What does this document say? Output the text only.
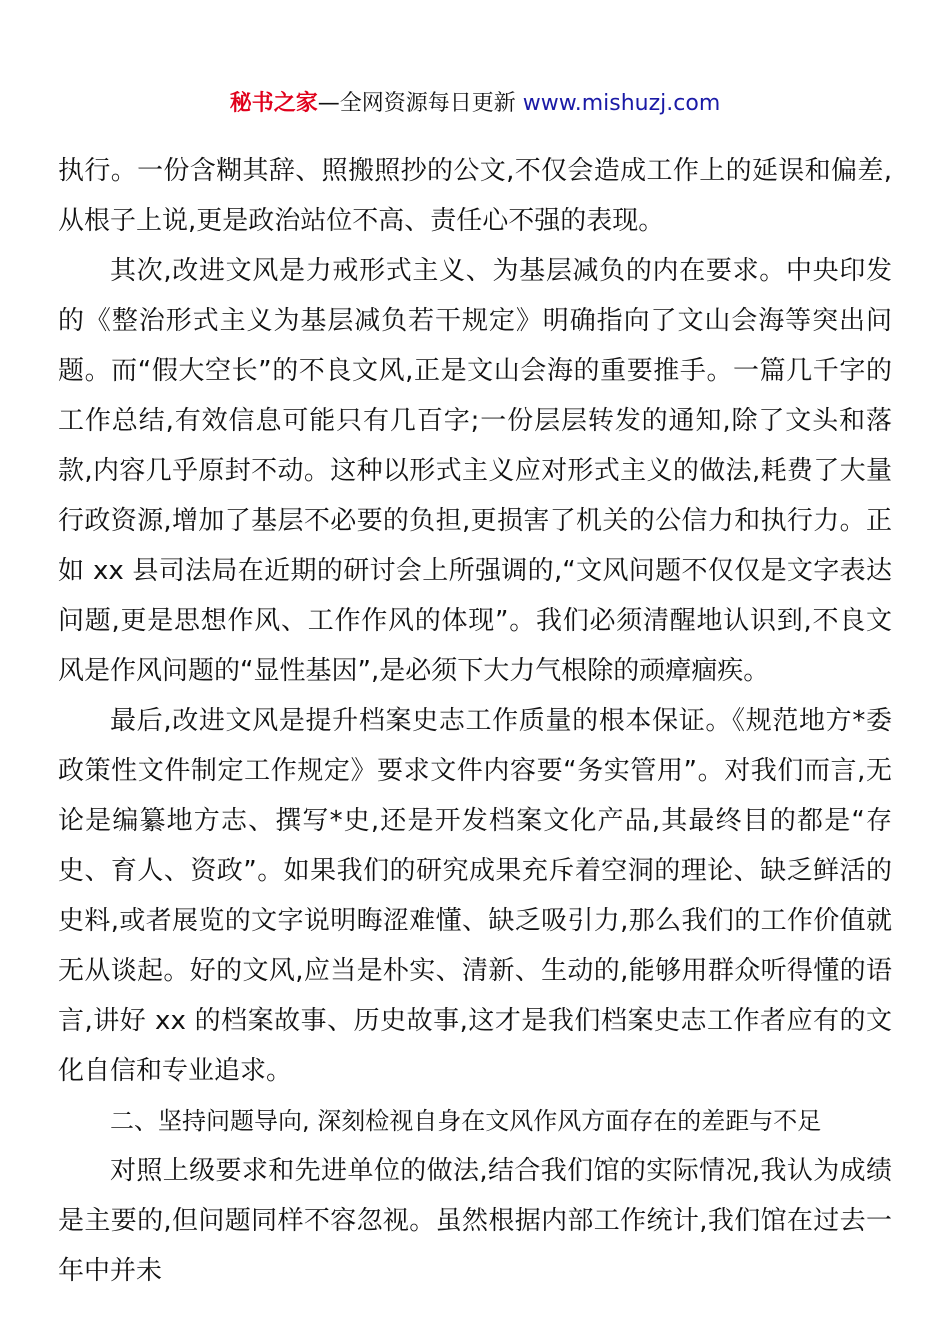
秘书之家—全网资源每日更新 www.mishuzj.com

执行。一份含糊其辞、照搬照抄的公文,不仅会造成工作上的延误和偏差,从根子上说,更是政治站位不高、责任心不强的表现。

其次,改进文风是力戒形式主义、为基层减负的内在要求。中央印发的《整治形式主义为基层减负若干规定》明确指向了文山会海等突出问题。而“假大空长”的不良文风,正是文山会海的重要推手。一篇几千字的工作总结,有效信息可能只有几百字;一份层层转发的通知,除了文头和落款,内容几乎原封不动。这种以形式主义应对形式主义的做法,耗费了大量行政资源,增加了基层不必要的负担,更损害了机关的公信力和执行力。正如 xx 县司法局在近期的研讨会上所强调的,“文风问题不仅仅是文字表达问题,更是思想作风、工作作风的体现”。我们必须清醒地认识到,不良文风是作风问题的“显性基因”,是必须下大力气根除的顽瘴痼疾。

最后,改进文风是提升档案史志工作质量的根本保证。《规范地方*委政策性文件制定工作规定》要求文件内容要“务实管用”。对我们而言,无论是编纂地方志、撰写*史,还是开发档案文化产品,其最终目的都是“存史、育人、资政”。如果我们的研究成果充斥着空洞的理论、缺乏鲜活的史料,或者展览的文字说明晦涩难懂、缺乏吸引力,那么我们的工作价值就无从谈起。好的文风,应当是朴实、清新、生动的,能够用群众听得懂的语言,讲好 xx 的档案故事、历史故事,这才是我们档案史志工作者应有的文化自信和专业追求。

二、坚持问题导向, 深刻检视自身在文风作风方面存在的差距与不足

对照上级要求和先进单位的做法,结合我们馆的实际情况,我认为成绩是主要的,但问题同样不容忽视。虽然根据内部工作统计,我们馆在过去一年中并未
